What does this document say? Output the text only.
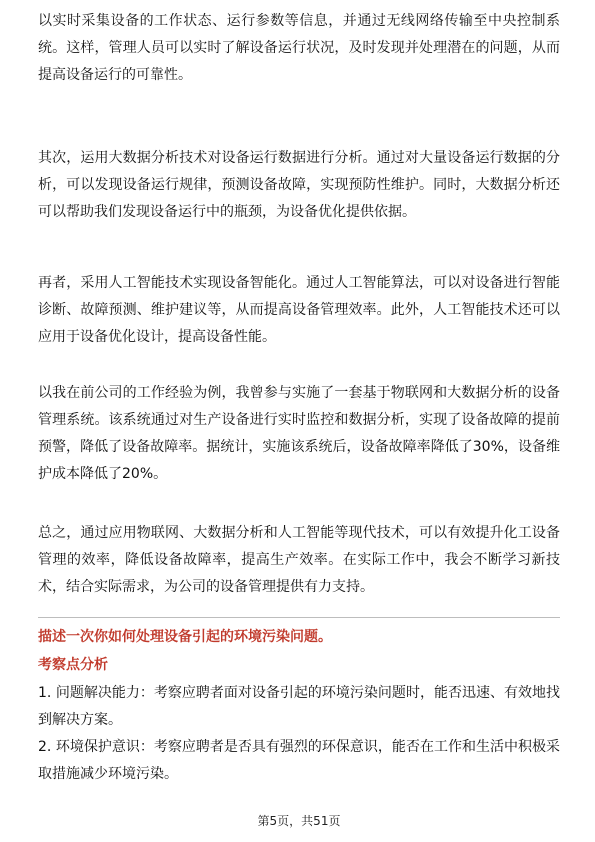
以实时采集设备的工作状态、运行参数等信息，并通过无线网络传输至中央控制系统。这样，管理人员可以实时了解设备运行状况，及时发现并处理潜在的问题，从而提高设备运行的可靠性。

其次，运用大数据分析技术对设备运行数据进行分析。通过对大量设备运行数据的分析，可以发现设备运行规律，预测设备故障，实现预防性维护。同时，大数据分析还可以帮助我们发现设备运行中的瓶颈，为设备优化提供依据。

再者，采用人工智能技术实现设备智能化。通过人工智能算法，可以对设备进行智能诊断、故障预测、维护建议等，从而提高设备管理效率。此外，人工智能技术还可以应用于设备优化设计，提高设备性能。

以我在前公司的工作经验为例，我曾参与实施了一套基于物联网和大数据分析的设备管理系统。该系统通过对生产设备进行实时监控和数据分析，实现了设备故障的提前预警，降低了设备故障率。据统计，实施该系统后，设备故障率降低了30%，设备维护成本降低了20%。

总之，通过应用物联网、大数据分析和人工智能等现代技术，可以有效提升化工设备管理的效率，降低设备故障率，提高生产效率。在实际工作中，我会不断学习新技术，结合实际需求，为公司的设备管理提供有力支持。

描述一次你如何处理设备引起的环境污染问题。
考察点分析

1. 问题解决能力：考察应聘者面对设备引起的环境污染问题时，能否迅速、有效地找到解决方案。

2. 环境保护意识：考察应聘者是否具有强烈的环保意识，能否在工作和生活中积极采取措施减少环境污染。

第5页，共51页
